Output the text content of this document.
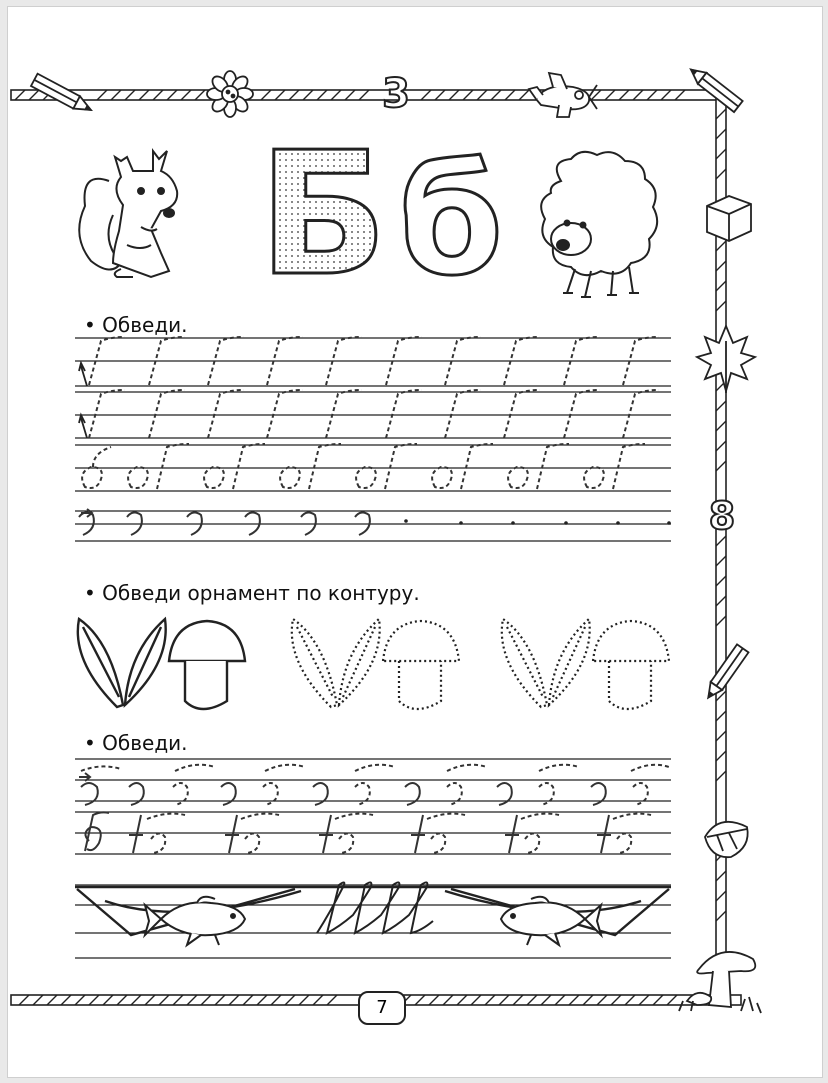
3
8
Б б
• Обведи.
• Обведи орнамент по контуру.
• Обведи.
7
